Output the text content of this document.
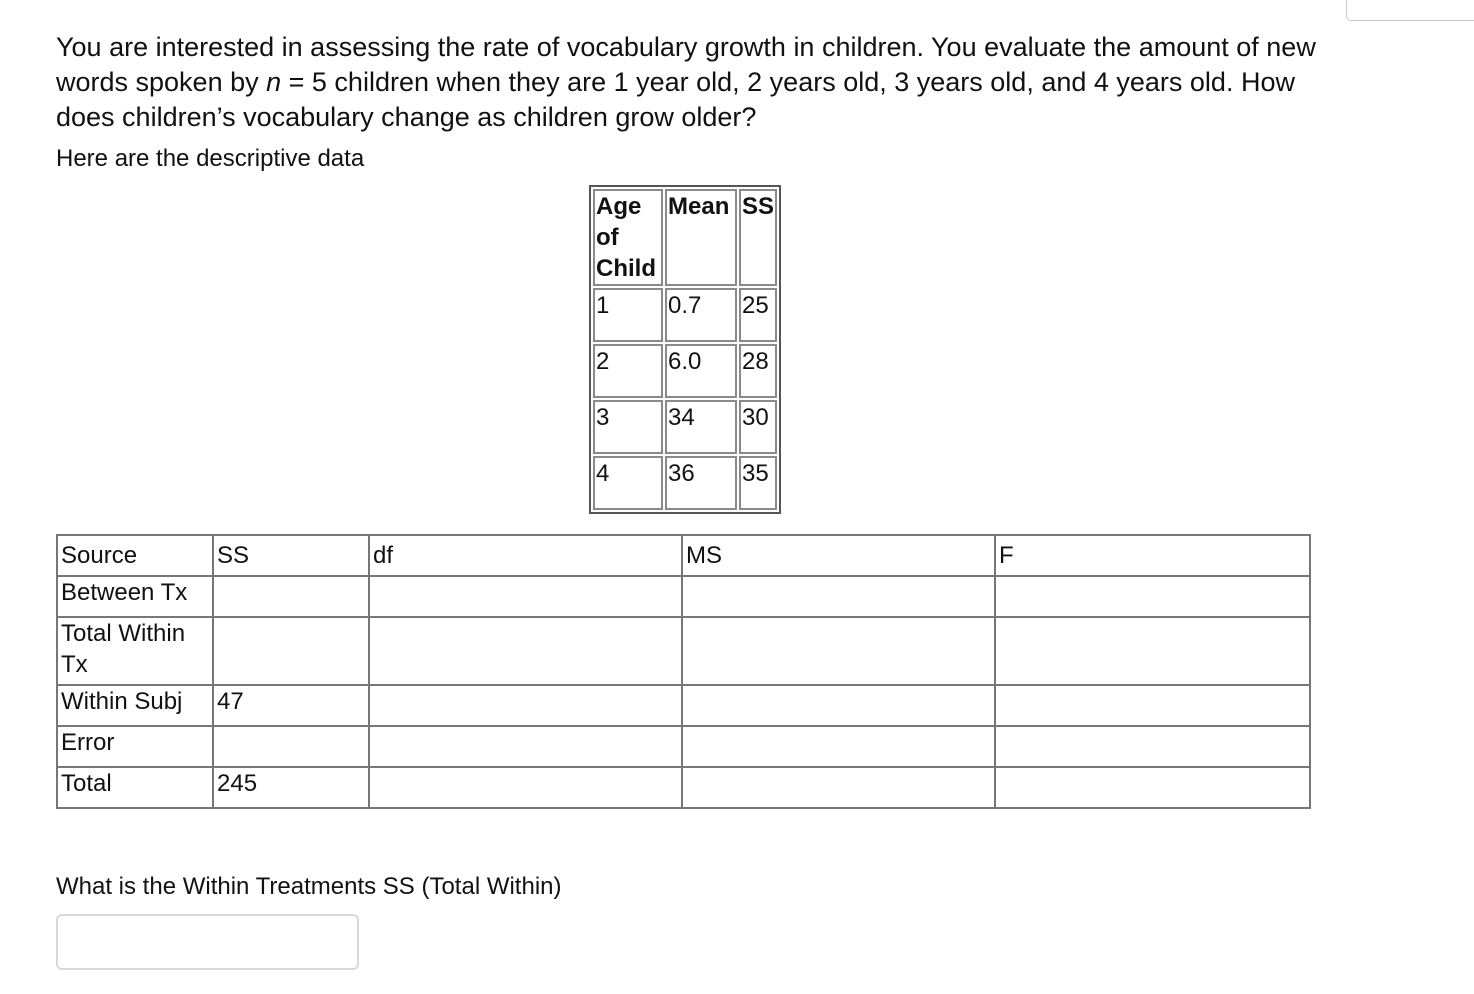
You are interested in assessing the rate of vocabulary growth in children. You evaluate the amount of new words spoken by n = 5 children when they are 1 year old, 2 years old, 3 years old, and 4 years old. How does children’s vocabulary change as children grow older?

Here are the descriptive data

Age of Child	Mean	SS
1	0.7	25
2	6.0	28
3	34	30
4	36	35
Source	SS	df	MS	F
Between Tx				
Total Within Tx				
Within Subj	47			
Error				
Total	245			

What is the Within Treatments SS (Total Within)
